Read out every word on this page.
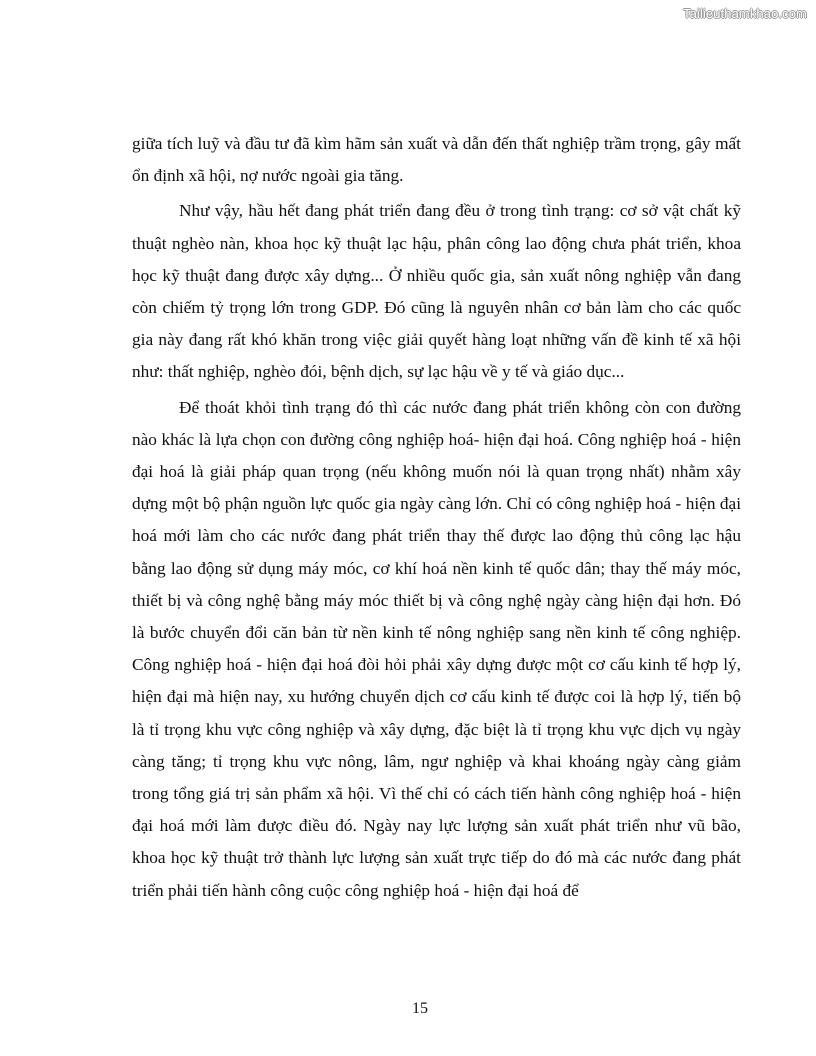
Tailieuthamkhao.com

giữa tích luỹ và đầu tư đã kìm hãm sản xuất và dẫn đến thất nghiệp trầm trọng, gây mất ổn định xã hội, nợ nước ngoài gia tăng.

Như vậy, hầu hết đang phát triển đang đều ở trong tình trạng: cơ sở vật chất kỹ thuật nghèo nàn, khoa học kỹ thuật lạc hậu, phân công lao động chưa phát triển, khoa học kỹ thuật đang được xây dựng... Ở nhiều quốc gia, sản xuất nông nghiệp vẫn đang còn chiếm tỷ trọng lớn trong GDP. Đó cũng là nguyên nhân cơ bản làm cho các quốc gia này đang rất khó khăn trong việc giải quyết hàng loạt những vấn đề kinh tế xã hội như: thất nghiệp, nghèo đói, bệnh dịch, sự lạc hậu về y tế và giáo dục...

Để thoát khỏi tình trạng đó thì các nước đang phát triển không còn con đường nào khác là lựa chọn con đường công nghiệp hoá- hiện đại hoá. Công nghiệp hoá - hiện đại hoá là giải pháp quan trọng (nếu không muốn nói là quan trọng nhất) nhằm xây dựng một bộ phận nguồn lực quốc gia ngày càng lớn. Chỉ có công nghiệp hoá - hiện đại hoá mới làm cho các nước đang phát triển thay thế được lao động thủ công lạc hậu bằng lao động sử dụng máy móc, cơ khí hoá nền kinh tế quốc dân; thay thế máy móc, thiết bị và công nghệ bằng máy móc thiết bị và công nghệ ngày càng hiện đại hơn. Đó là bước chuyển đổi căn bản từ nền kinh tế nông nghiệp sang nền kinh tế công nghiệp. Công nghiệp hoá - hiện đại hoá đòi hỏi phải xây dựng được một cơ cấu kinh tế hợp lý, hiện đại mà hiện nay, xu hướng chuyển dịch cơ cấu kinh tế được coi là hợp lý, tiến bộ là tỉ trọng khu vực công nghiệp và xây dựng, đặc biệt là tỉ trọng khu vực dịch vụ ngày càng tăng; tỉ trọng khu vực nông, lâm, ngư nghiệp và khai khoáng ngày càng giảm trong tổng giá trị sản phẩm xã hội. Vì thế chỉ có cách tiến hành công nghiệp hoá - hiện đại hoá mới làm được điều đó. Ngày nay lực lượng sản xuất phát triển như vũ bão, khoa học kỹ thuật trở thành lực lượng sản xuất trực tiếp do đó mà các nước đang phát triển phải tiến hành công cuộc công nghiệp hoá - hiện đại hoá để

15
